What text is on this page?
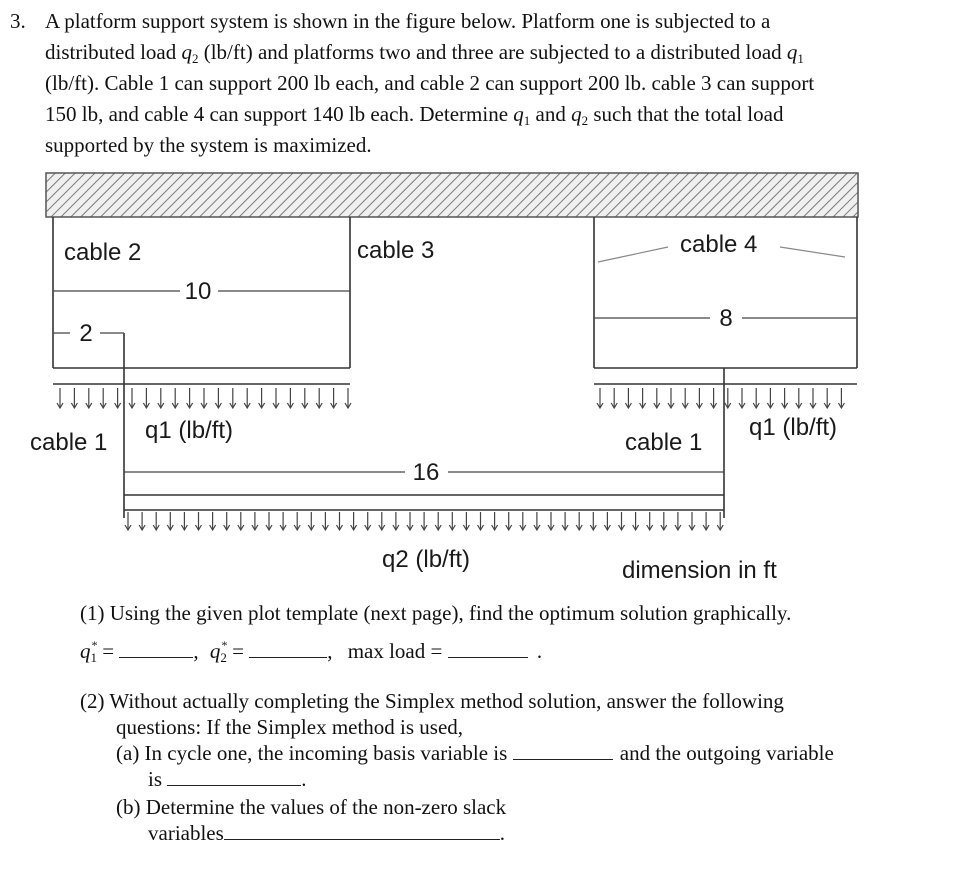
3. A platform support system is shown in the figure below. Platform one is subjected to a
distributed load $q_2$ (lb/ft) and platforms two and three are subjected to a distributed load $q_1$
(lb/ft). Cable 1 can support 200 lb each, and cable 2 can support 200 lb. cable 3 can support
150 lb, and cable 4 can support 140 lb each. Determine $q_1$ and $q_2$ such that the total load
supported by the system is maximized.
cable 2	cable 3	cable 4
10
2
8
cable 1 q1 (lb/ft)	cable 1
q1 (lb/ft)
16
q2 (lb/ft)	dimension in ft
(1) Using the given plot template (next page), find the optimum solution graphically.
$q_1^*$ =	, $q_2^*$ =	, max load =	.
(2) Without actually completing the Simplex method solution, answer the following
questions: If the Simplex method is used,
(a) In cycle one, the incoming basis variable is	and the outgoing variable
is	.
(b) Determine the values of the non-zero slack
variables	.
